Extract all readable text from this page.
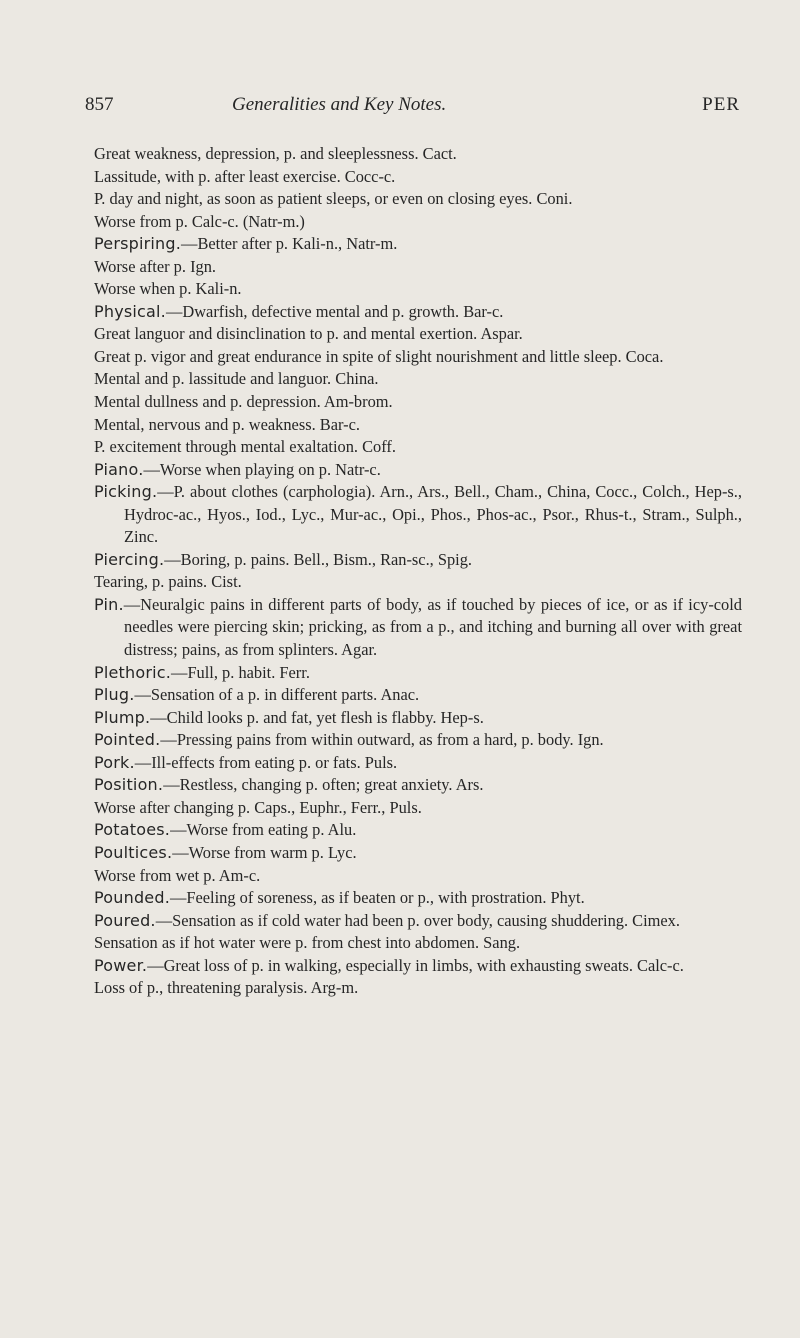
857	Generalities and Key Notes.	PER
Great weakness, depression, p. and sleeplessness. Cact.
Lassitude, with p. after least exercise. Cocc-c.
P. day and night, as soon as patient sleeps, or even on closing eyes. Coni.
Worse from p. Calc-c. (Natr-m.)
Perspiring.—Better after p. Kali-n., Natr-m.
Worse after p. Ign.
Worse when p. Kali-n.
Physical.—Dwarfish, defective mental and p. growth. Bar-c.
Great languor and disinclination to p. and mental exertion. Aspar.
Great p. vigor and great endurance in spite of slight nourishment and little sleep. Coca.
Mental and p. lassitude and languor. China.
Mental dullness and p. depression. Am-brom.
Mental, nervous and p. weakness. Bar-c.
P. excitement through mental exaltation. Coff.
Piano.—Worse when playing on p. Natr-c.
Picking.—P. about clothes (carphologia). Arn., Ars., Bell., Cham., China, Cocc., Colch., Hep-s., Hydroc-ac., Hyos., Iod., Lyc., Mur-ac., Opi., Phos., Phos-ac., Psor., Rhus-t., Stram., Sulph., Zinc.
Piercing.—Boring, p. pains. Bell., Bism., Ran-sc., Spig.
Tearing, p. pains. Cist.
Pin.—Neuralgic pains in different parts of body, as if touched by pieces of ice, or as if icy-cold needles were piercing skin; pricking, as from a p., and itching and burning all over with great distress; pains, as from splinters. Agar.
Plethoric.—Full, p. habit. Ferr.
Plug.—Sensation of a p. in different parts. Anac.
Plump.—Child looks p. and fat, yet flesh is flabby. Hep-s.
Pointed.—Pressing pains from within outward, as from a hard, p. body. Ign.
Pork.—Ill-effects from eating p. or fats. Puls.
Position.—Restless, changing p. often; great anxiety. Ars.
Worse after changing p. Caps., Euphr., Ferr., Puls.
Potatoes.—Worse from eating p. Alu.
Poultices.—Worse from warm p. Lyc.
Worse from wet p. Am-c.
Pounded.—Feeling of soreness, as if beaten or p., with prostration. Phyt.
Poured.—Sensation as if cold water had been p. over body, causing shuddering. Cimex.
Sensation as if hot water were p. from chest into abdomen. Sang.
Power.—Great loss of p. in walking, especially in limbs, with exhausting sweats. Calc-c.
Loss of p., threatening paralysis. Arg-m.
